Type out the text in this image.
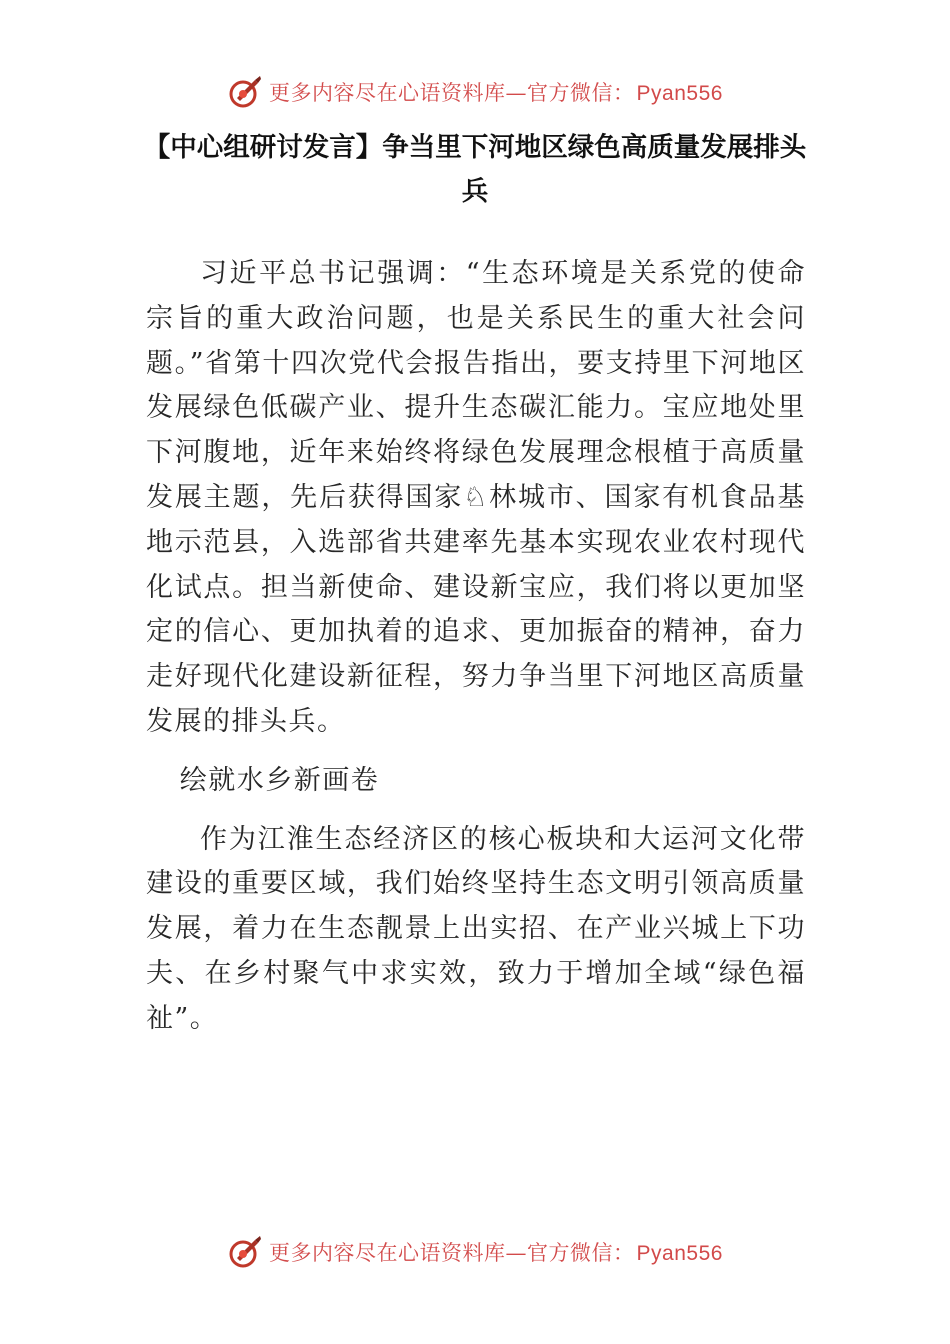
更多内容尽在心语资料库—官方微信：Pyan556
【中心组研讨发言】争当里下河地区绿色高质量发展排头兵

习近平总书记强调：“生态环境是关系党的使命宗旨的重大政治问题，也是关系民生的重大社会问题。”省第十四次党代会报告指出，要支持里下河地区发展绿色低碳产业、提升生态碳汇能力。宝应地处里下河腹地，近年来始终将绿色发展理念根植于高质量发展主题，先后获得国家♘林城市、国家有机食品基地示范县，入选部省共建率先基本实现农业农村现代化试点。担当新使命、建设新宝应，我们将以更加坚定的信心、更加执着的追求、更加振奋的精神，奋力走好现代化建设新征程，努力争当里下河地区高质量发展的排头兵。

绘就水乡新画卷

作为江淮生态经济区的核心板块和大运河文化带建设的重要区域，我们始终坚持生态文明引领高质量发展，着力在生态靓景上出实招、在产业兴城上下功夫、在乡村聚气中求实效，致力于增加全域“绿色福祉”。

更多内容尽在心语资料库—官方微信：Pyan556
